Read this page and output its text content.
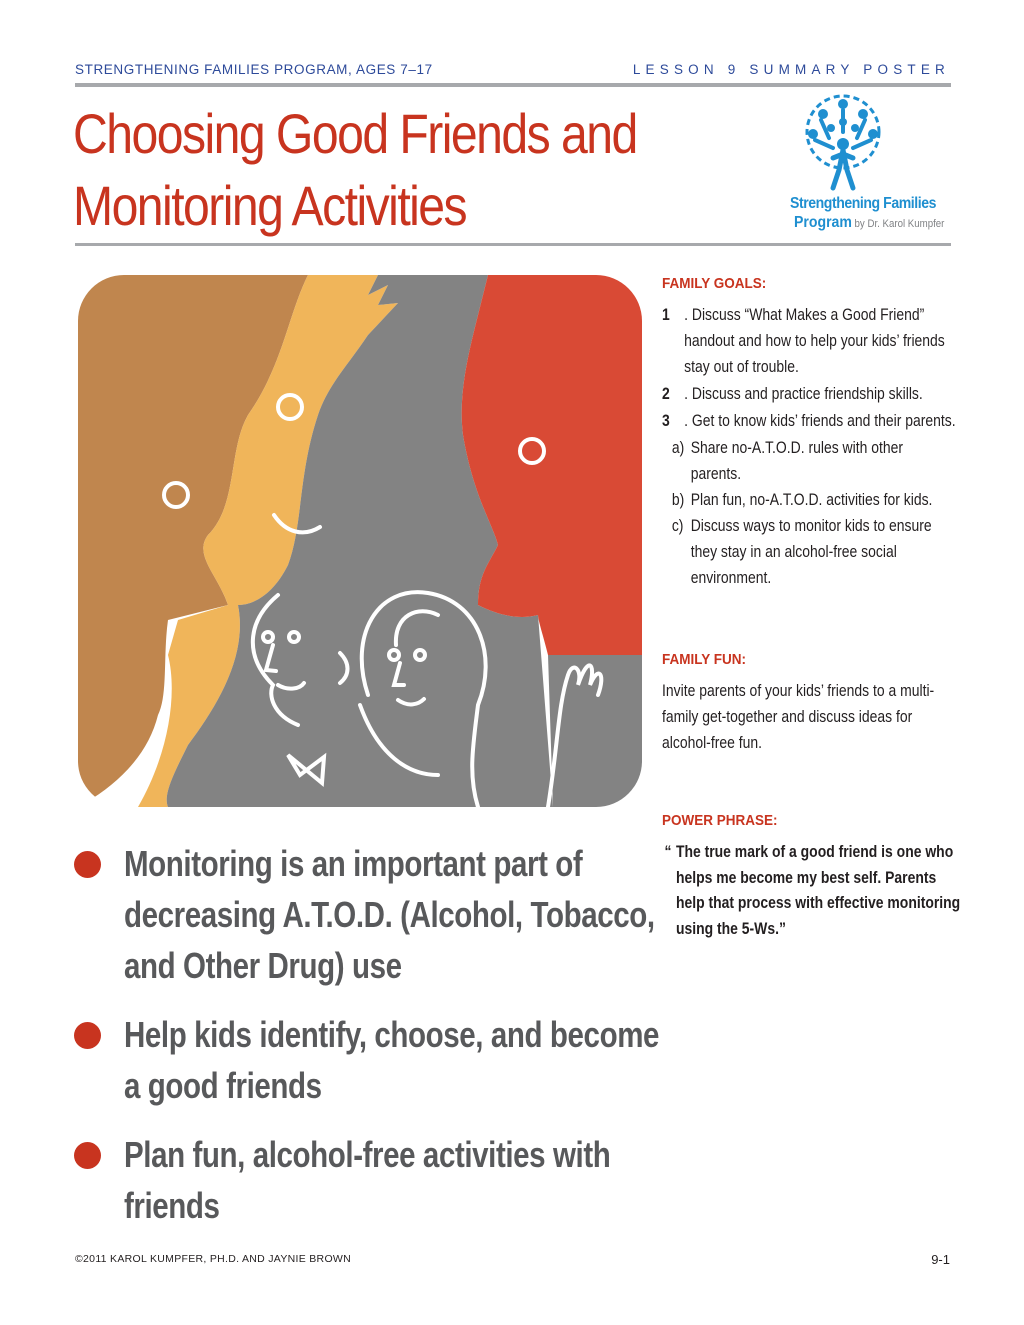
STRENGTHENING FAMILIES PROGRAM, AGES 7–17	LESSON 9 SUMMARY POSTER
Choosing Good Friends and
Monitoring Activities	Strengthening Families
Program by Dr. Karol Kumpfer
Monitoring is an important part of decreasing A.T.O.D. (Alcohol, Tobacco, and Other Drug) use
Help kids identify, choose, and become a good friends
Plan fun, alcohol-free activities with friends
FAMILY GOALS:
1 . Discuss “What Makes a Good Friend” handout and how to help your kids’ friends stay out of trouble.
2 . Discuss and practice friendship skills.
3 . Get to know kids’ friends and their parents.
a) Share no-A.T.O.D. rules with other parents.
b) Plan fun, no-A.T.O.D. activities for kids.
c) Discuss ways to monitor kids to ensure they stay in an alcohol-free social environment.
FAMILY FUN:
Invite parents of your kids’ friends to a multi-family get-together and discuss ideas for alcohol-free fun.
POWER PHRASE:
“ The true mark of a good friend is one who helps me become my best self. Parents help that process with effective monitoring using the 5-Ws.”
©2011 KAROL KUMPFER, PH.D. AND JAYNIE BROWN	9-1
